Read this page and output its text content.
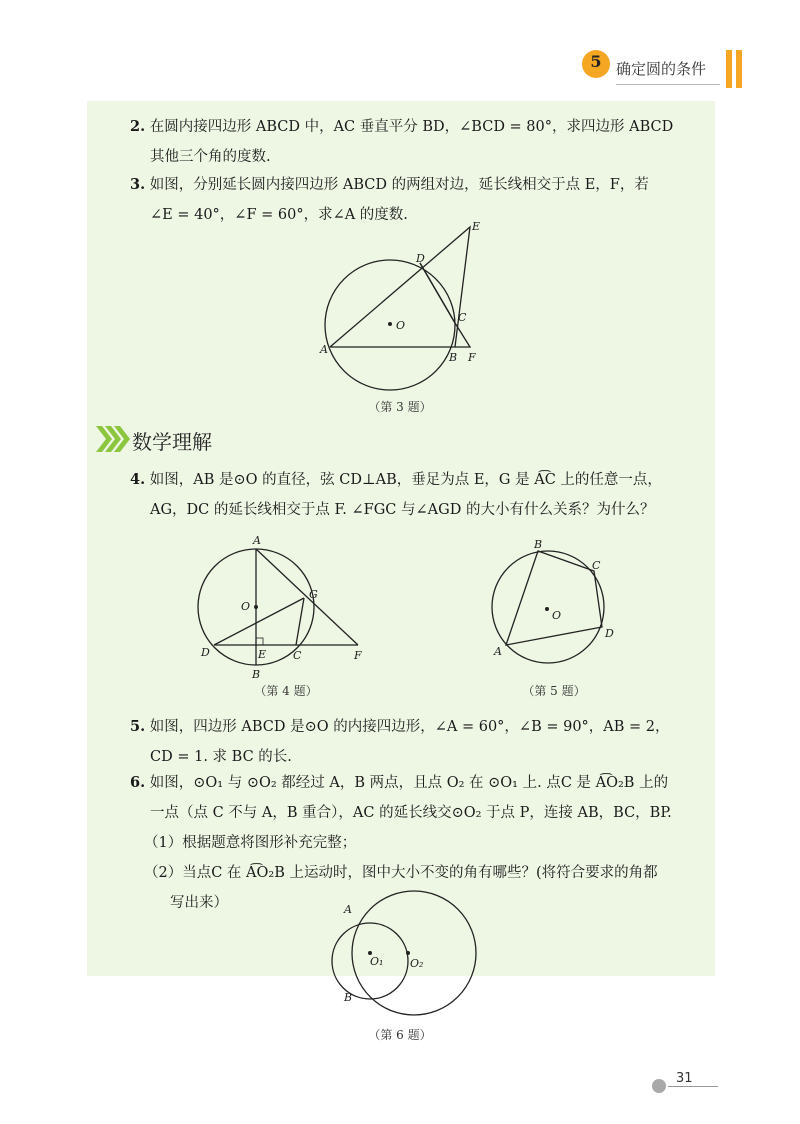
5 确定圆的条件
2. 在圆内接四边形 ABCD 中，AC 垂直平分 BD，∠BCD = 80°，求四边形 ABCD
其他三个角的度数.
3. 如图，分别延长圆内接四边形 ABCD 的两组对边，延长线相交于点 E，F，若
∠E = 40°，∠F = 60°，求∠A 的度数.
A
B
C
D
E
F
O
（第 3 题）
数学理解
4. 如图，AB 是⊙O 的直径，弦 CD⊥AB，垂足为点 E，G 是 A͡C 上的任意一点，
AG，DC 的延长线相交于点 F. ∠FGC 与∠AGD 的大小有什么关系？为什么？
A
B
C
D	E	F
G
O
（第 4 题）
A
B
C
D
O
（第 5 题）
5. 如图，四边形 ABCD 是⊙O 的内接四边形，∠A = 60°，∠B = 90°，AB = 2，
CD = 1. 求 BC 的长.
6. 如图，⊙O₁ 与 ⊙O₂ 都经过 A，B 两点，且点 O₂ 在 ⊙O₁ 上. 点C 是 A͡O₂B 上的
一点（点 C 不与 A，B 重合），AC 的延长线交⊙O₂ 于点 P，连接 AB，BC，BP.
（1）根据题意将图形补充完整；
（2）当点C 在 A͡O₂B 上运动时，图中大小不变的角有哪些？(将符合要求的角都
写出来）	A
B
O₁ O₂
（第 6 题）
31
